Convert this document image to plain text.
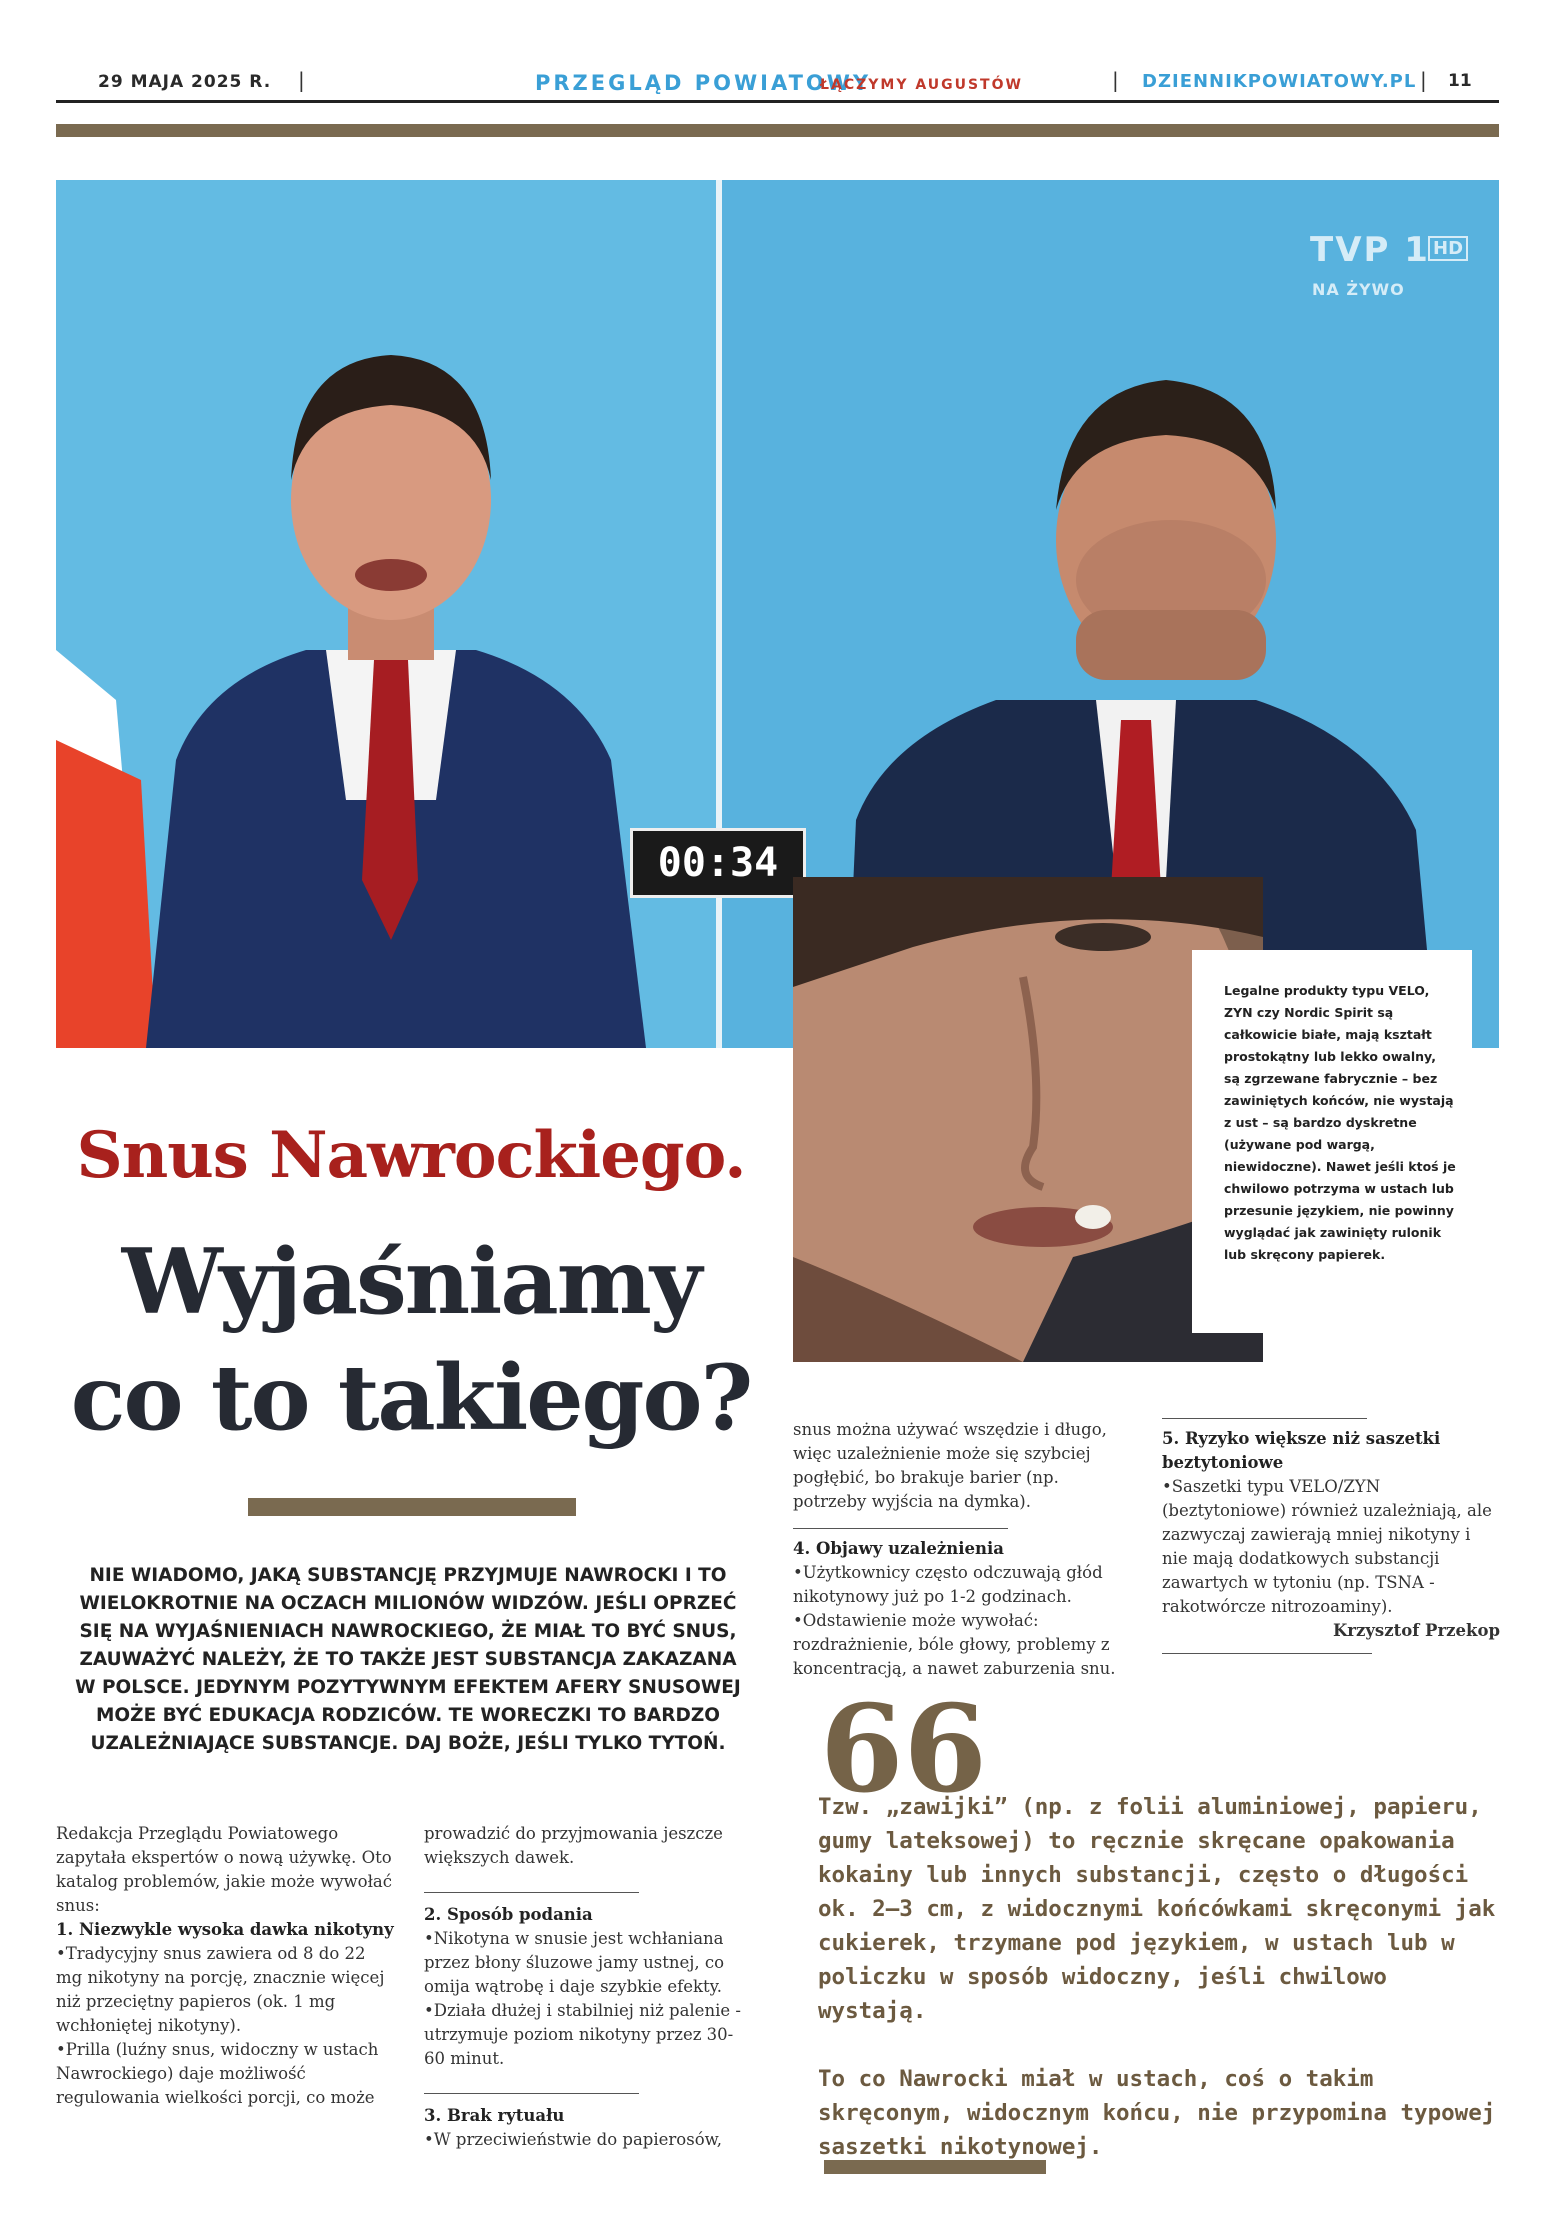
29 MAJA 2025 R. |	PRZEGLĄD POWIATOWY
ŁĄCZYMY AUGUSTÓW	| DZIENNIKPOWIATOWY.PL | 11
TVP 1 HD
NA ŻYWO
00:34
Legalne produkty typu VELO, ZYN czy Nordic Spirit są całkowicie białe, mają kształt prostokątny lub lekko owalny, są zgrzewane fabrycznie – bez zawiniętych końców, nie wystają z ust – są bardzo dyskretne (używane pod wargą, niewidoczne). Nawet jeśli ktoś je chwilowo potrzyma w ustach lub przesunie językiem, nie powinny wyglądać jak zawinięty rulonik lub skręcony papierek.
Snus Nawrockiego.
Wyjaśniamy
co to takiego?
NIE WIADOMO, JAKĄ SUBSTANCJĘ PRZYJMUJE NAWROCKI I TO WIELOKROTNIE NA OCZACH MILIONÓW WIDZÓW. JEŚLI OPRZEĆ SIĘ NA WYJAŚNIENIACH NAWROCKIEGO, ŻE MIAŁ TO BYĆ SNUS, ZAUWAŻYĆ NALEŻY, ŻE TO TAKŻE JEST SUBSTANCJA ZAKAZANA W POLSCE. JEDYNYM POZYTYWNYM EFEKTEM AFERY SNUSOWEJ MOŻE BYĆ EDUKACJA RODZICÓW. TE WORECZKI TO BARDZO UZALEŻNIAJĄCE SUBSTANCJE. DAJ BOŻE, JEŚLI TYLKO TYTOŃ.
Redakcja Przeglądu Powiatowego zapytała ekspertów o nową używkę. Oto katalog problemów, jakie może wywołać snus:
1. Niezwykle wysoka dawka nikotyny
•Tradycyjny snus zawiera od 8 do 22 mg nikotyny na porcję, znacznie więcej niż przeciętny papieros (ok. 1 mg wchłoniętej nikotyny).
•Prilla (luźny snus, widoczny w ustach Nawrockiego) daje możliwość regulowania wielkości porcji, co może
prowadzić do przyjmowania jeszcze większych dawek.
2. Sposób podania
•Nikotyna w snusie jest wchłaniana przez błony śluzowe jamy ustnej, co omija wątrobę i daje szybkie efekty.
•Działa dłużej i stabilniej niż palenie - utrzymuje poziom nikotyny przez 30-60 minut.
3. Brak rytuału
•W przeciwieństwie do papierosów,
snus można używać wszędzie i długo, więc uzależnienie może się szybciej pogłębić, bo brakuje barier (np. potrzeby wyjścia na dymka).
4. Objawy uzależnienia
•Użytkownicy często odczuwają głód nikotynowy już po 1-2 godzinach.
•Odstawienie może wywołać: rozdrażnienie, bóle głowy, problemy z koncentracją, a nawet zaburzenia snu.
5. Ryzyko większe niż saszetki beztytoniowe
•Saszetki typu VELO/ZYN (beztytoniowe) również uzależniają, ale zazwyczaj zawierają mniej nikotyny i nie mają dodatkowych substancji zawartych w tytoniu (np. TSNA - rakotwórcze nitrozoaminy).
Krzysztof Przekop
66
Tzw. „zawijki” (np. z folii aluminiowej, papieru, gumy lateksowej) to ręcznie skręcane opakowania kokainy lub innych substancji, często o długości ok. 2–3 cm, z widocznymi końcówkami skręconymi jak cukierek, trzymane pod językiem, w ustach lub w policzku w sposób widoczny, jeśli chwilowo wystają.
To co Nawrocki miał w ustach, coś o takim skręconym, widocznym końcu, nie przypomina typowej saszetki nikotynowej.
